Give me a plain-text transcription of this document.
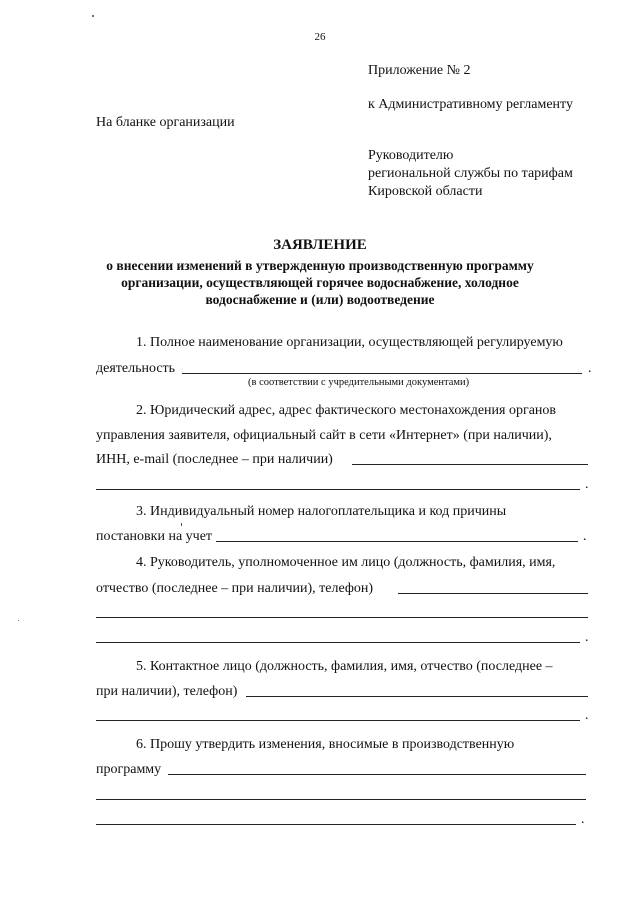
26
Приложение № 2
к Административному регламенту
На бланке организации
Руководителю
региональной службы по тарифам
Кировской области
ЗАЯВЛЕНИЕ
о внесении изменений в утвержденную производственную программу
организации, осуществляющей горячее водоснабжение, холодное
водоснабжение и (или) водоотведение
1. Полное наименование организации, осуществляющей регулируемую
деятельность	.
(в соответствии с учредительными документами)
2. Юридический адрес, адрес фактического местонахождения органов
управления заявителя, официальный сайт в сети «Интернет» (при наличии),
ИНН, e-mail (последнее – при наличии)
.
3. Индивидуальный номер налогоплательщика и код причины
постановки на учет	.
4. Руководитель, уполномоченное им лицо (должность, фамилия, имя,
отчество (последнее – при наличии), телефон)
.
5. Контактное лицо (должность, фамилия, имя, отчество (последнее –
при наличии), телефон)
.
6. Прошу утвердить изменения, вносимые в производственную
программу
.
